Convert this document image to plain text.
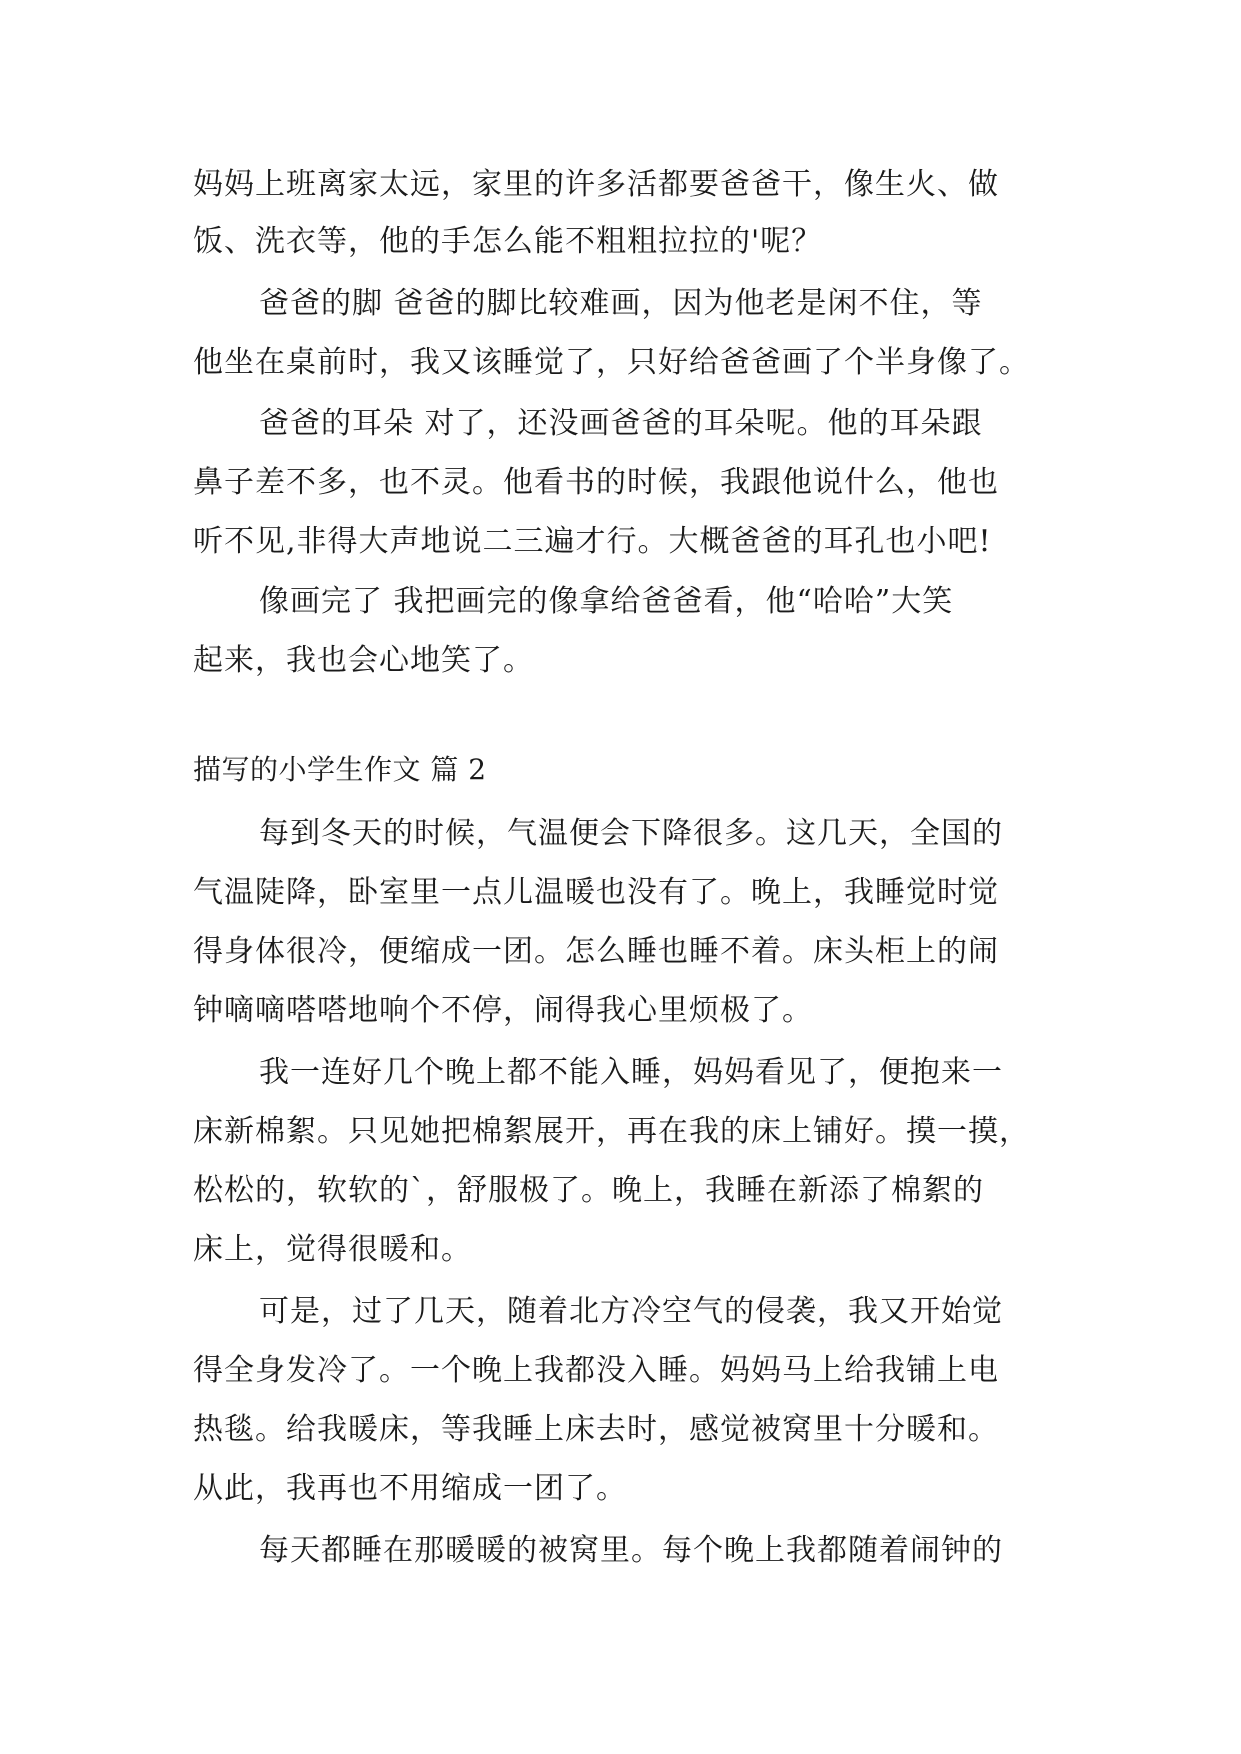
妈妈上班离家太远，家里的许多活都要爸爸干，像生火、做
饭、洗衣等，他的手怎么能不粗粗拉拉的'呢？
爸爸的脚 爸爸的脚比较难画，因为他老是闲不住，等
他坐在桌前时，我又该睡觉了，只好给爸爸画了个半身像了。
爸爸的耳朵 对了，还没画爸爸的耳朵呢。他的耳朵跟
鼻子差不多，也不灵。他看书的时候，我跟他说什么，他也
听不见,非得大声地说二三遍才行。大概爸爸的耳孔也小吧!
像画完了 我把画完的像拿给爸爸看，他“哈哈”大笑
起来，我也会心地笑了。
描写的小学生作文 篇 2
每到冬天的时候，气温便会下降很多。这几天，全国的
气温陡降，卧室里一点儿温暖也没有了。晚上，我睡觉时觉
得身体很冷，便缩成一团。怎么睡也睡不着。床头柜上的闹
钟嘀嘀嗒嗒地响个不停，闹得我心里烦极了。
我一连好几个晚上都不能入睡，妈妈看见了，便抱来一
床新棉絮。只见她把棉絮展开，再在我的床上铺好。摸一摸，
松松的，软软的`，舒服极了。晚上，我睡在新添了棉絮的
床上，觉得很暖和。
可是，过了几天，随着北方冷空气的侵袭，我又开始觉
得全身发冷了。一个晚上我都没入睡。妈妈马上给我铺上电
热毯。给我暖床，等我睡上床去时，感觉被窝里十分暖和。
从此，我再也不用缩成一团了。
每天都睡在那暖暖的被窝里。每个晚上我都随着闹钟的
